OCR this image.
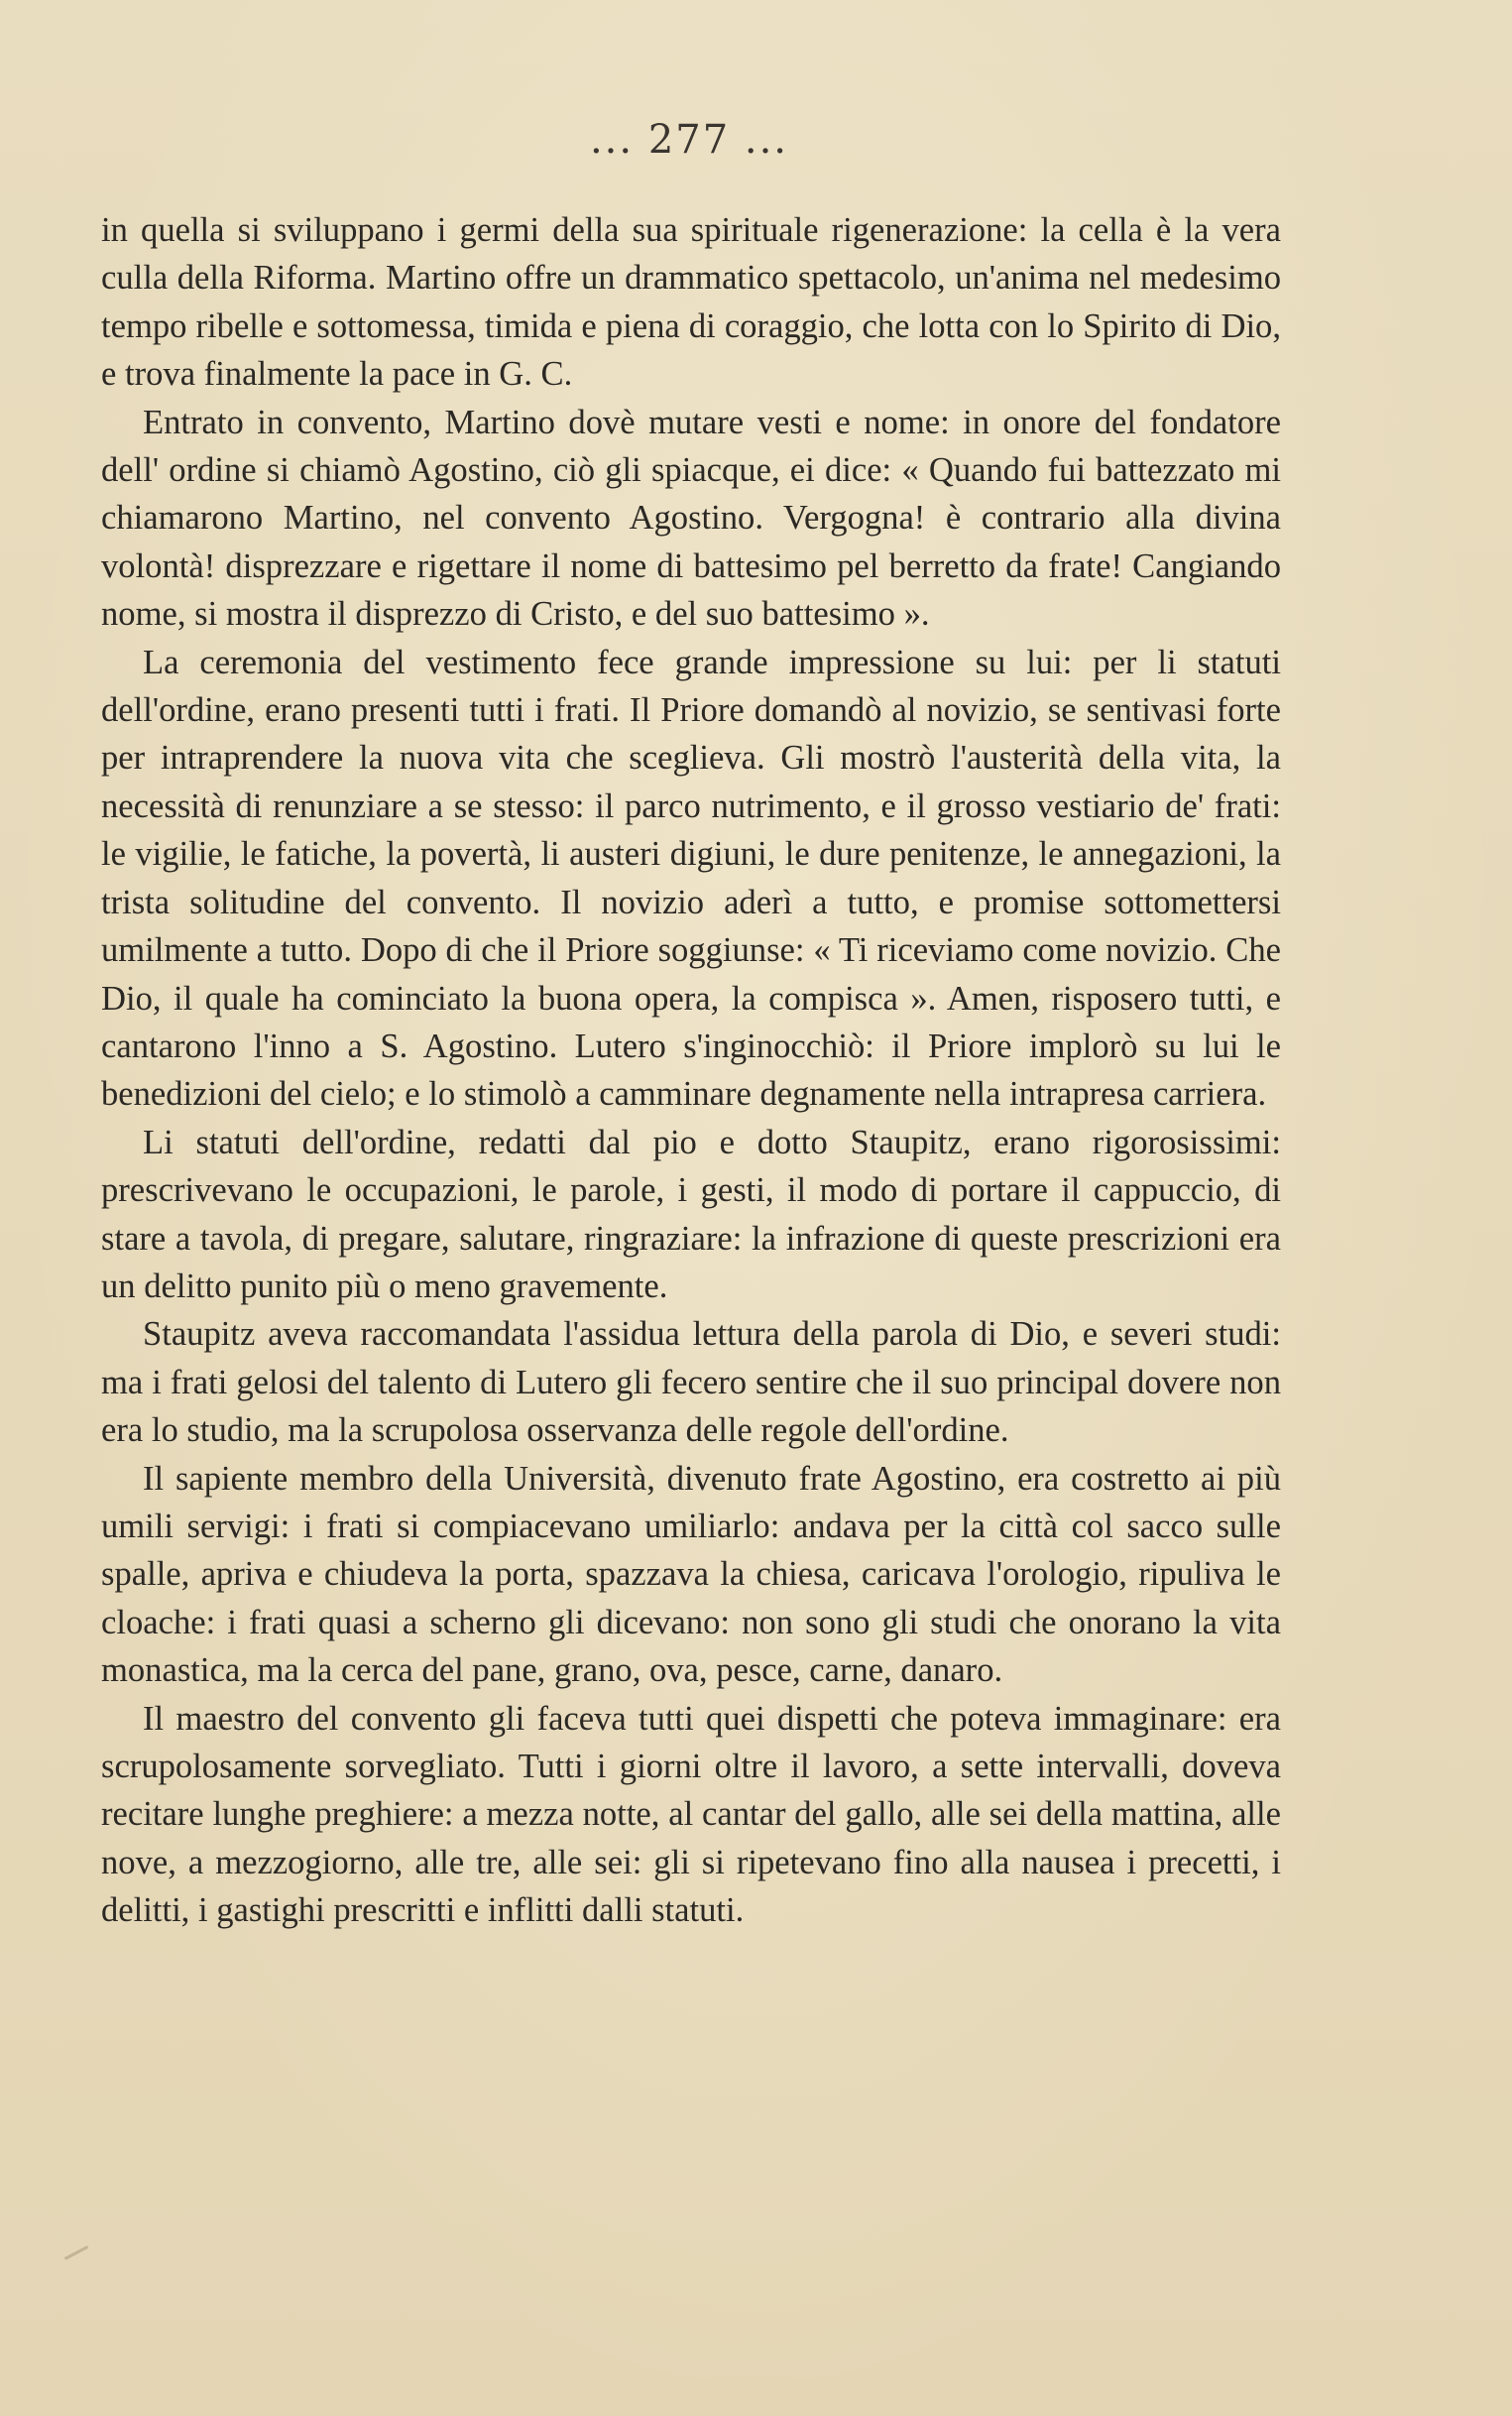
... 277 ...

in quella si sviluppano i germi della sua spirituale rigenerazione: la cella è la vera culla della Riforma. Martino offre un drammatico spettacolo, un'anima nel medesimo tempo ribelle e sottomessa, timida e piena di coraggio, che lotta con lo Spirito di Dio, e trova finalmente la pace in G. C.

Entrato in convento, Martino dovè mutare vesti e nome: in onore del fondatore dell' ordine si chiamò Agostino, ciò gli spiacque, ei dice: « Quando fui battezzato mi chiamarono Martino, nel convento Agostino. Vergogna! è contrario alla divina volontà! disprezzare e rigettare il nome di battesimo pel berretto da frate! Cangiando nome, si mostra il disprezzo di Cristo, e del suo battesimo ».

La ceremonia del vestimento fece grande impressione su lui: per li statuti dell'ordine, erano presenti tutti i frati. Il Priore domandò al novizio, se sentivasi forte per intraprendere la nuova vita che sceglieva. Gli mostrò l'austerità della vita, la necessità di renunziare a se stesso: il parco nutrimento, e il grosso vestiario de' frati: le vigilie, le fatiche, la povertà, li austeri digiuni, le dure penitenze, le annegazioni, la trista solitudine del convento. Il novizio aderì a tutto, e promise sottomettersi umilmente a tutto. Dopo di che il Priore soggiunse: « Ti riceviamo come novizio. Che Dio, il quale ha cominciato la buona opera, la compisca ». Amen, risposero tutti, e cantarono l'inno a S. Agostino. Lutero s'inginocchiò: il Priore implorò su lui le benedizioni del cielo; e lo stimolò a camminare degnamente nella intrapresa carriera.

Li statuti dell'ordine, redatti dal pio e dotto Staupitz, erano rigorosissimi: prescrivevano le occupazioni, le parole, i gesti, il modo di portare il cappuccio, di stare a tavola, di pregare, salutare, ringraziare: la infrazione di queste prescrizioni era un delitto punito più o meno gravemente.

Staupitz aveva raccomandata l'assidua lettura della parola di Dio, e severi studi: ma i frati gelosi del talento di Lutero gli fecero sentire che il suo principal dovere non era lo studio, ma la scrupolosa osservanza delle regole dell'ordine.

Il sapiente membro della Università, divenuto frate Agostino, era costretto ai più umili servigi: i frati si compiacevano umiliarlo: andava per la città col sacco sulle spalle, apriva e chiudeva la porta, spazzava la chiesa, caricava l'orologio, ripuliva le cloache: i frati quasi a scherno gli dicevano: non sono gli studi che onorano la vita monastica, ma la cerca del pane, grano, ova, pesce, carne, danaro.

Il maestro del convento gli faceva tutti quei dispetti che poteva immaginare: era scrupolosamente sorvegliato. Tutti i giorni oltre il lavoro, a sette intervalli, doveva recitare lunghe preghiere: a mezza notte, al cantar del gallo, alle sei della mattina, alle nove, a mezzogiorno, alle tre, alle sei: gli si ripetevano fino alla nausea i precetti, i delitti, i gastighi prescritti e inflitti dalli statuti.
